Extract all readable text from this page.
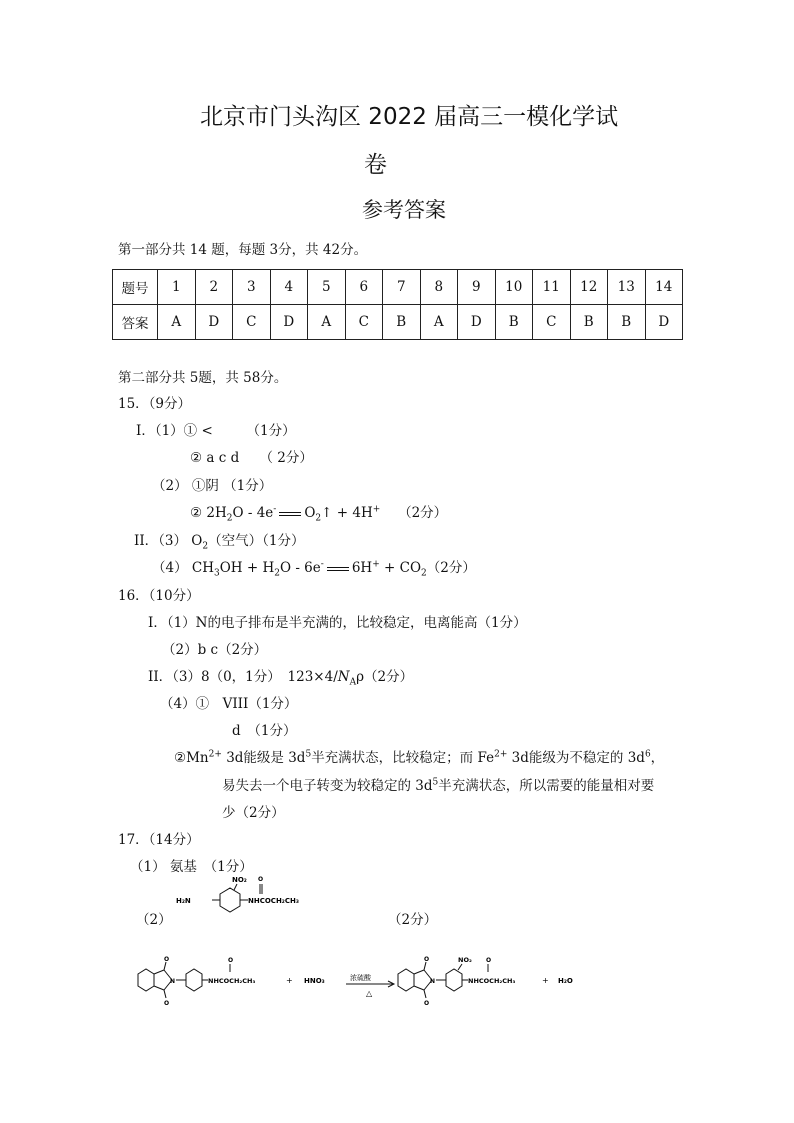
北京市门头沟区 2022 届高三一模化学试
卷
参考答案
第一部分共 14 题，每题 3分，共 42分。
题号	1	2	3	4	5	6	7	8	9	10	11	12	13	14
答案	A	D	C	D	A	C	B	A	D	B	C	B	B	D
第二部分共 5题，共 58分。
15．（9分）
I．（1）① <　　　（1分）
② a c d　　（ 2分）
（2） ①阴 （1分）
② $2H_2O - 4e^-$ $O_2↑ + 4H^+$　 （2分）
II．（3） $O_2$（空气）（1分）
（4） $CH_3OH + H_2O - 6e^-$ $6H^+ + CO_2(2$分）
16．（10分）
I．（1）N的电子排布是半充满的，比较稳定，电离能高（1分）
（2）b c（2分）
II．（3）8（0，1分）　$123\times 4/N_A\rho(2$分）
（4）①　VIII（1分）
d　（1分）
$②Mn^{2+}$ 3d能级是 $3d^5$半充满状态，比较稳定；而 $Fe^{2+}$ 3d能级为不稳定的 $3d^6$，
易失去一个电子转变为较稳定的 $3d^5$半充满状态，所以需要的能量相对要
少（2分）
17．（14分）
（1） 氨基　（1分）
（2）	（2分）
H₂N
NO₂ O
NHCOCH₂CH₃
O
O
N
O
NHCOCH₂CH₃	+ HNO₃	浓硫酸
△
O
O
N
NO₂ O
NHCOCH₂CH₃	+ H₂O
